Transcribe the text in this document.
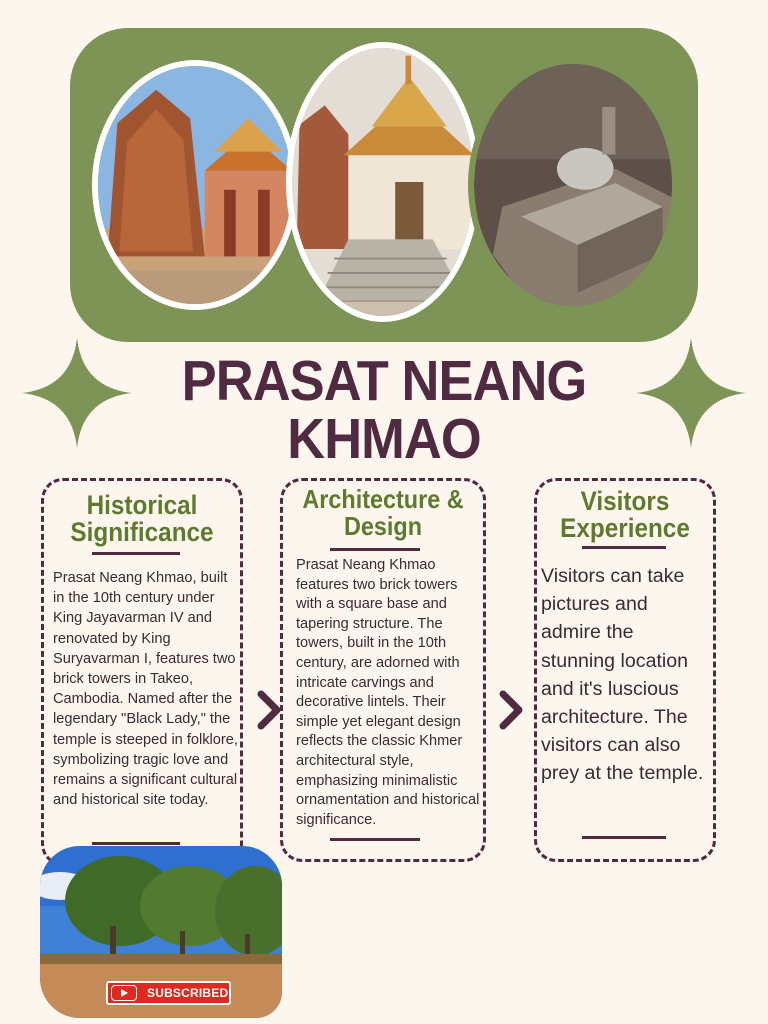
PRASAT NEANG KHMAO
Historical Significance
Architecture & Design
Visitors Experience
Prasat Neang Khmao, built in the 10th century under King Jayavarman IV and renovated by King Suryavarman I, features two brick towers in Takeo, Cambodia. Named after the legendary "Black Lady," the temple is steeped in folklore, symbolizing tragic love and remains a significant cultural and historical site today.
Prasat Neang Khmao features two brick towers with a square base and tapering structure. The towers, built in the 10th century, are adorned with intricate carvings and decorative lintels. Their simple yet elegant design reflects the classic Khmer architectural style, emphasizing minimalistic ornamentation and historical significance.
Visitors can take pictures and admire the stunning location and it's luscious architecture. The visitors can also prey at the temple.
SUBSCRIBED
